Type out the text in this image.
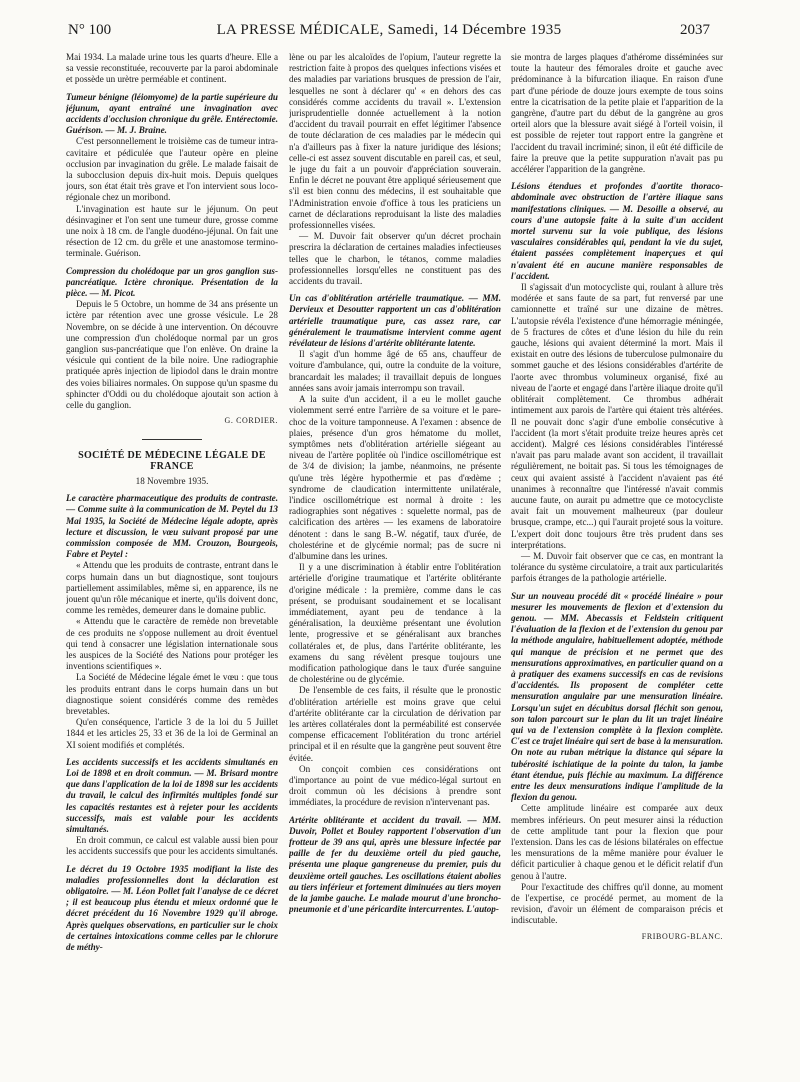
N° 100	LA PRESSE MÉDICALE, Samedi, 14 Décembre 1935	2037

Mai 1934. La malade urine tous les quarts d'heure. Elle a sa vessie reconstituée, recouverte par la paroi abdominale et possède un urètre perméable et continent.

Tumeur bénigne (léiomyome) de la partie supérieure du jéjunum, ayant entraîné une invagination avec accidents d'occlusion chronique du grêle. Entérectomie. Guérison. — M. J. Braine.

C'est personnellement le troisième cas de tumeur intra-cavitaire et pédiculée que l'auteur opère en pleine occlusion par invagination du grêle. Le malade faisait de la subocclusion depuis dix-huit mois. Depuis quelques jours, son état était très grave et l'on intervient sous loco-régionale chez un moribond.

L'invagination est haute sur le jéjunum. On peut désinvaginer et l'on sent une tumeur dure, grosse comme une noix à 18 cm. de l'angle duodéno-jéjunal. On fait une résection de 12 cm. du grêle et une anastomose termino-terminale. Guérison.

Compression du cholédoque par un gros ganglion sus-pancréatique. Ictère chronique. Présentation de la pièce. — M. Picot.

Depuis le 5 Octobre, un homme de 34 ans présente un ictère par rétention avec une grosse vésicule. Le 28 Novembre, on se décide à une intervention. On découvre une compression d'un cholédoque normal par un gros ganglion sus-pancréatique que l'on enlève. On draine la vésicule qui contient de la bile noire. Une radiographie pratiquée après injection de lipiodol dans le drain montre des voies biliaires normales. On suppose qu'un spasme du sphincter d'Oddi ou du cholédoque ajoutait son action à celle du ganglion.

G. CORDIER.
SOCIÉTÉ DE MÉDECINE LÉGALE DE FRANCE
18 Novembre 1935.

Le caractère pharmaceutique des produits de contraste. — Comme suite à la communication de M. Peytel du 13 Mai 1935, la Société de Médecine légale adopte, après lecture et discussion, le vœu suivant proposé par une commission composée de MM. Crouzon, Bourgeois, Fabre et Peytel :

« Attendu que les produits de contraste, entrant dans le corps humain dans un but diagnostique, sont toujours partiellement assimilables, même si, en apparence, ils ne jouent qu'un rôle mécanique et inerte, qu'ils doivent donc, comme les remèdes, demeurer dans le domaine public.

« Attendu que le caractère de remède non brevetable de ces produits ne s'oppose nullement au droit éventuel qui tend à consacrer une législation internationale sous les auspices de la Société des Nations pour protéger les inventions scientifiques ».

La Société de Médecine légale émet le vœu : que tous les produits entrant dans le corps humain dans un but diagnostique soient considérés comme des remèdes brevetables.

Qu'en conséquence, l'article 3 de la loi du 5 Juillet 1844 et les articles 25, 33 et 36 de la loi de Germinal an XI soient modifiés et complétés.

Les accidents successifs et les accidents simultanés en Loi de 1898 et en droit commun. — M. Brisard montre que dans l'application de la loi de 1898 sur les accidents du travail, le calcul des infirmités multiples fondé sur les capacités restantes est à rejeter pour les accidents successifs, mais est valable pour les accidents simultanés.

En droit commun, ce calcul est valable aussi bien pour les accidents successifs que pour les accidents simultanés.

Le décret du 19 Octobre 1935 modifiant la liste des maladies professionnelles dont la déclaration est obligatoire. — M. Léon Pollet fait l'analyse de ce décret ; il est beaucoup plus étendu et mieux ordonné que le décret précédent du 16 Novembre 1929 qu'il abroge. Après quelques observations, en particulier sur le choix de certaines intoxications comme celles par le chlorure de méthy-

lène ou par les alcaloïdes de l'opium, l'auteur regrette la restriction faite à propos des quelques infections visées et des maladies par variations brusques de pression de l'air, lesquelles ne sont à déclarer qu' « en dehors des cas considérés comme accidents du travail ». L'extension jurisprudentielle donnée actuellement à la notion d'accident du travail pourrait en effet légitimer l'absence de toute déclaration de ces maladies par le médecin qui n'a d'ailleurs pas à fixer la nature juridique des lésions; celle-ci est assez souvent discutable en pareil cas, et seul, le juge du fait a un pouvoir d'appréciation souverain. Enfin le décret ne pouvant être appliqué sérieusement que s'il est bien connu des médecins, il est souhaitable que l'Administration envoie d'office à tous les praticiens un carnet de déclarations reproduisant la liste des maladies professionnelles visées.

— M. Duvoir fait observer qu'un décret prochain prescrira la déclaration de certaines maladies infectieuses telles que le charbon, le tétanos, comme maladies professionnelles lorsqu'elles ne constituent pas des accidents du travail.

Un cas d'oblitération artérielle traumatique. — MM. Dervieux et Desoutter rapportent un cas d'oblitération artérielle traumatique pure, cas assez rare, car généralement le traumatisme intervient comme agent révélateur de lésions d'artérite oblitérante latente.

Il s'agit d'un homme âgé de 65 ans, chauffeur de voiture d'ambulance, qui, outre la conduite de la voiture, brancardait les malades; il travaillait depuis de longues années sans avoir jamais interrompu son travail.

A la suite d'un accident, il a eu le mollet gauche violemment serré entre l'arrière de sa voiture et le pare-choc de la voiture tamponneuse. A l'examen : absence de plaies, présence d'un gros hématome du mollet, symptômes nets d'oblitération artérielle siégeant au niveau de l'artère poplitée où l'indice oscillométrique est de 3/4 de division; la jambe, néanmoins, ne présente qu'une très légère hypothermie et pas d'œdème ; syndrome de claudication intermittente unilatérale, l'indice oscillométrique est normal à droite : les radiographies sont négatives : squelette normal, pas de calcification des artères — les examens de laboratoire dénotent : dans le sang B.-W. négatif, taux d'urée, de cholestérine et de glycémie normal; pas de sucre ni d'albumine dans les urines.

Il y a une discrimination à établir entre l'oblitération artérielle d'origine traumatique et l'artérite oblitérante d'origine médicale : la première, comme dans le cas présent, se produisant soudainement et se localisant immédiatement, ayant peu de tendance à la généralisation, la deuxième présentant une évolution lente, progressive et se généralisant aux branches collatérales et, de plus, dans l'artérite oblitérante, les examens du sang révèlent presque toujours une modification pathologique dans le taux d'urée sanguine de cholestérine ou de glycémie.

De l'ensemble de ces faits, il résulte que le pronostic d'oblitération artérielle est moins grave que celui d'artérite oblitérante car la circulation de dérivation par les artères collatérales dont la perméabilité est conservée compense efficacement l'oblitération du tronc artériel principal et il en résulte que la gangrène peut souvent être évitée.

On conçoit combien ces considérations ont d'importance au point de vue médico-légal surtout en droit commun où les décisions à prendre sont immédiates, la procédure de revision n'intervenant pas.

Artérite oblitérante et accident du travail. — MM. Duvoir, Pollet et Bouley rapportent l'observation d'un frotteur de 39 ans qui, après une blessure infectée par paille de fer du deuxième orteil du pied gauche, présenta une plaque gangreneuse du premier, puis du deuxième orteil gauches. Les oscillations étaient abolies au tiers inférieur et fortement diminuées au tiers moyen de la jambe gauche. Le malade mourut d'une broncho-pneumonie et d'une péricardite intercurrentes. L'autop-

sie montra de larges plaques d'athérome disséminées sur toute la hauteur des fémorales droite et gauche avec prédominance à la bifurcation iliaque. En raison d'une part d'une période de douze jours exempte de tous soins entre la cicatrisation de la petite plaie et l'apparition de la gangrène, d'autre part du début de la gangrène au gros orteil alors que la blessure avait siégé à l'orteil voisin, il est possible de rejeter tout rapport entre la gangrène et l'accident du travail incriminé; sinon, il eût été difficile de faire la preuve que la petite suppuration n'avait pas pu accélérer l'apparition de la gangrène.

Lésions étendues et profondes d'aortite thoraco-abdominale avec obstruction de l'artère iliaque sans manifestations cliniques. — M. Desoille a observé, au cours d'une autopsie faite à la suite d'un accident mortel survenu sur la voie publique, des lésions vasculaires considérables qui, pendant la vie du sujet, étaient passées complètement inaperçues et qui n'avaient été en aucune manière responsables de l'accident.

Il s'agissait d'un motocycliste qui, roulant à allure très modérée et sans faute de sa part, fut renversé par une camionnette et traîné sur une dizaine de mètres. L'autopsie révéla l'existence d'une hémorragie méningée, de 5 fractures de côtes et d'une lésion du hile du rein gauche, lésions qui avaient déterminé la mort. Mais il existait en outre des lésions de tuberculose pulmonaire du sommet gauche et des lésions considérables d'artérite de l'aorte avec thrombus volumineux organisé, fixé au niveau de l'aorte et engagé dans l'artère iliaque droite qu'il oblitérait complètement. Ce thrombus adhérait intimement aux parois de l'artère qui étaient très altérées. Il ne pouvait donc s'agir d'une embolie consécutive à l'accident (la mort s'était produite treize heures après cet accident). Malgré ces lésions considérables l'intéressé n'avait pas paru malade avant son accident, il travaillait régulièrement, ne boitait pas. Si tous les témoignages de ceux qui avaient assisté à l'accident n'avaient pas été unanimes à reconnaître que l'intéressé n'avait commis aucune faute, on aurait pu admettre que ce motocycliste avait fait un mouvement malheureux (par douleur brusque, crampe, etc...) qui l'aurait projeté sous la voiture. L'expert doit donc toujours être très prudent dans ses interprétations.

— M. Duvoir fait observer que ce cas, en montrant la tolérance du système circulatoire, a trait aux particularités parfois étranges de la pathologie artérielle.

Sur un nouveau procédé dit « procédé linéaire » pour mesurer les mouvements de flexion et d'extension du genou. — MM. Abecassis et Feldstein critiquent l'évaluation de la flexion et de l'extension du genou par la méthode angulaire, habituellement adoptée, méthode qui manque de précision et ne permet que des mensurations approximatives, en particulier quand on a à pratiquer des examens successifs en cas de revisions d'accidentés. Ils proposent de compléter cette mensuration angulaire par une mensuration linéaire. Lorsqu'un sujet en décubitus dorsal fléchit son genou, son talon parcourt sur le plan du lit un trajet linéaire qui va de l'extension complète à la flexion complète. C'est ce trajet linéaire qui sert de base à la mensuration. On note au ruban métrique la distance qui sépare la tubérosité ischiatique de la pointe du talon, la jambe étant étendue, puis fléchie au maximum. La différence entre les deux mensurations indique l'amplitude de la flexion du genou.

Cette amplitude linéaire est comparée aux deux membres inférieurs. On peut mesurer ainsi la réduction de cette amplitude tant pour la flexion que pour l'extension. Dans les cas de lésions bilatérales on effectue les mensurations de la même manière pour évaluer le déficit particulier à chaque genou et le déficit relatif d'un genou à l'autre.

Pour l'exactitude des chiffres qu'il donne, au moment de l'expertise, ce procédé permet, au moment de la revision, d'avoir un élément de comparaison précis et indiscutable.

FRIBOURG-BLANC.
